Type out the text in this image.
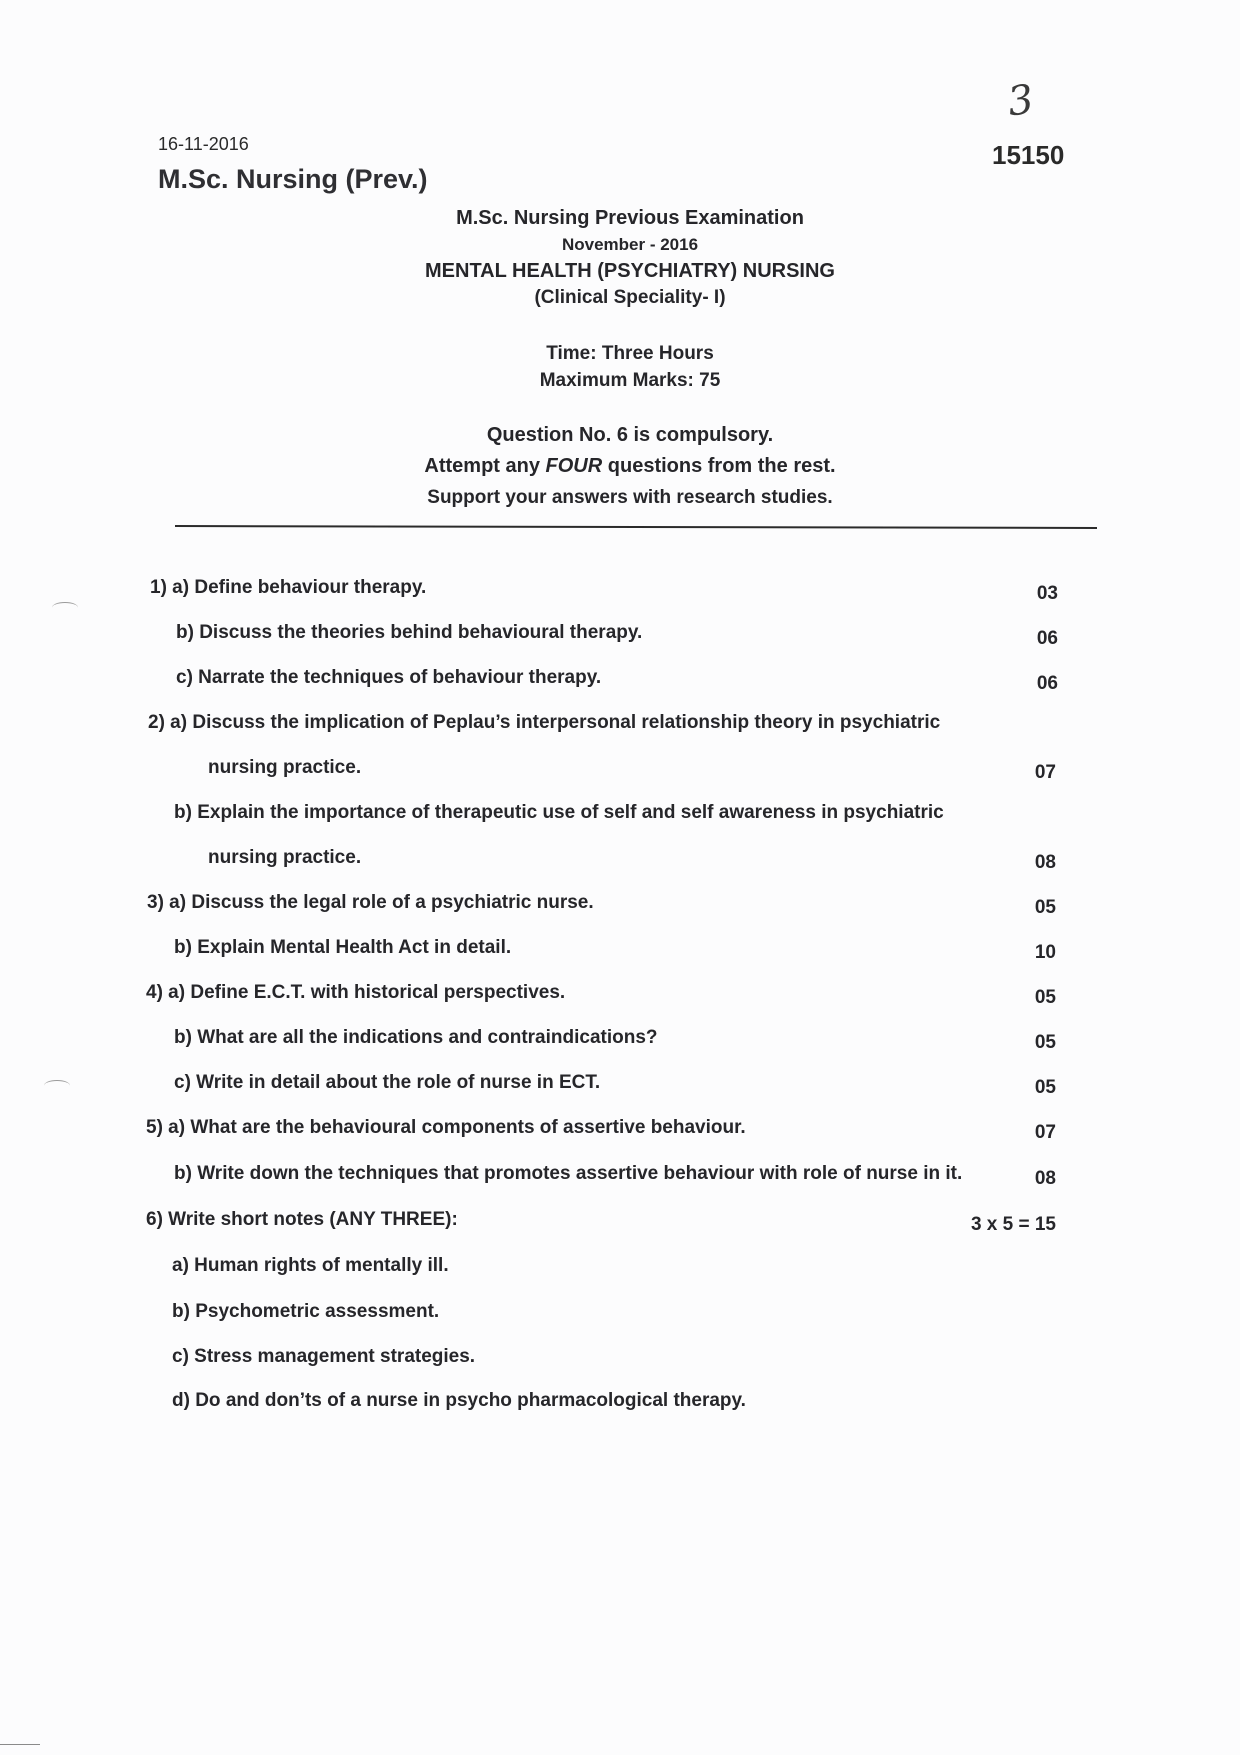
3
16-11-2016	15150
M.Sc. Nursing (Prev.)
M.Sc. Nursing Previous Examination
November - 2016
MENTAL HEALTH (PSYCHIATRY) NURSING
(Clinical Speciality- I)
Time: Three Hours
Maximum Marks: 75
Question No. 6 is compulsory.
Attempt any FOUR questions from the rest.
Support your answers with research studies.
1) a) Define behaviour therapy.	03
b) Discuss the theories behind behavioural therapy.	06
c) Narrate the techniques of behaviour therapy.	06
2) a) Discuss the implication of Peplau’s interpersonal relationship theory in psychiatric
nursing practice.	07
b) Explain the importance of therapeutic use of self and self awareness in psychiatric
nursing practice.	08
3) a) Discuss the legal role of a psychiatric nurse.	05
b) Explain Mental Health Act in detail.	10
4) a) Define E.C.T. with historical perspectives.	05
b) What are all the indications and contraindications?	05
c) Write in detail about the role of nurse in ECT.	05
5) a) What are the behavioural components of assertive behaviour.	07
b) Write down the techniques that promotes assertive behaviour with role of nurse in it.	08
6) Write short notes (ANY THREE):	3 x 5 = 15
a) Human rights of mentally ill.
b) Psychometric assessment.
c) Stress management strategies.
d) Do and don’ts of a nurse in psycho pharmacological therapy.
